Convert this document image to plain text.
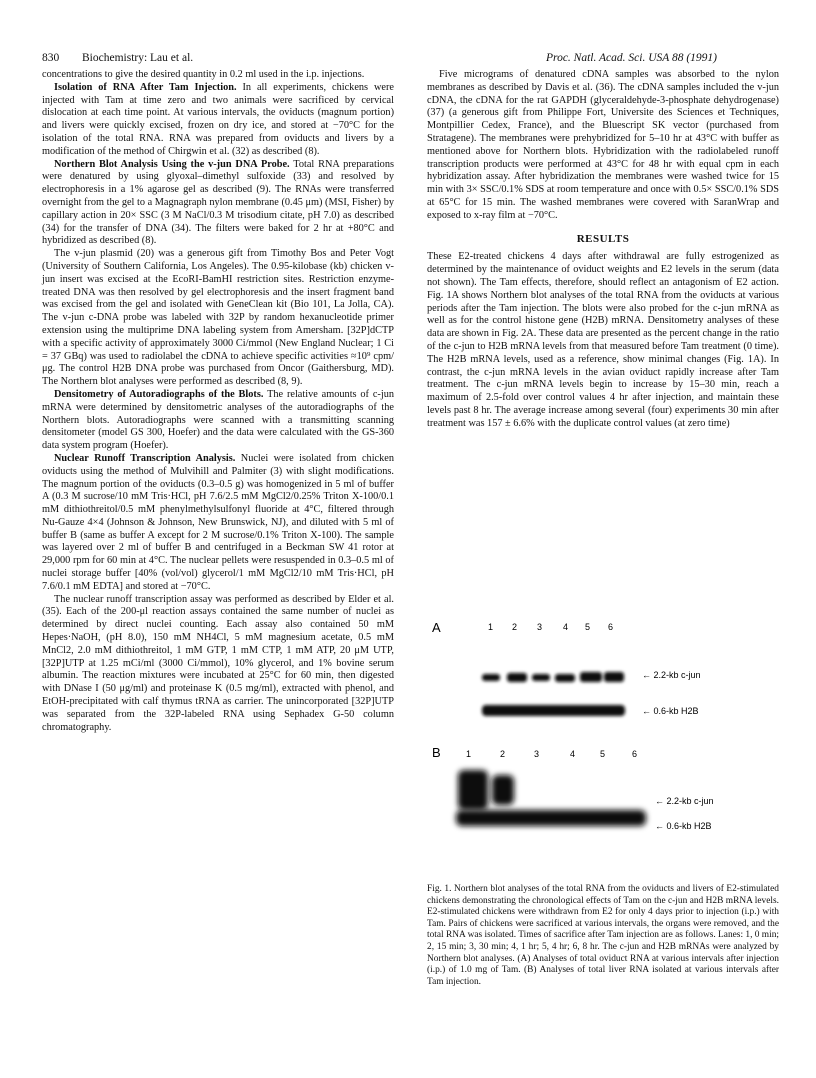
830 Biochemistry: Lau et al.	Proc. Natl. Acad. Sci. USA 88 (1991)

concentrations to give the desired quantity in 0.2 ml used in the i.p. injections.

Isolation of RNA After Tam Injection. In all experiments, chickens were injected with Tam at time zero and two animals were sacrificed by cervical dislocation at each time point. At various intervals, the oviducts (magnum portion) and livers were quickly excised, frozen on dry ice, and stored at −70°C for the isolation of the total RNA. RNA was prepared from oviducts and livers by a modification of the method of Chirgwin et al. (32) as described (8).

Northern Blot Analysis Using the v-jun DNA Probe. Total RNA preparations were denatured by using glyoxal–dimethyl sulfoxide (33) and resolved by electrophoresis in a 1% agarose gel as described (9). The RNAs were transferred overnight from the gel to a Magnagraph nylon membrane (0.45 μm) (MSI, Fisher) by capillary action in 20× SSC (3 M NaCl/0.3 M trisodium citate, pH 7.0) as described (34) for the transfer of DNA (34). The filters were baked for 2 hr at +80°C and hybridized as described (8).

The v-jun plasmid (20) was a generous gift from Timothy Bos and Peter Vogt (University of Southern California, Los Angeles). The 0.95-kilobase (kb) chicken v-jun insert was excised at the EcoRI-BamHI restriction sites. Restriction enzyme-treated DNA was then resolved by gel electrophoresis and the insert fragment band was excised from the gel and isolated with GeneClean kit (Bio 101, La Jolla, CA). The v-jun c-DNA probe was labeled with 32P by random hexanucleotide primer extension using the multiprime DNA labeling system from Amersham. [32P]dCTP with a specific activity of approximately 3000 Ci/mmol (New England Nuclear; 1 Ci = 37 GBq) was used to radiolabel the cDNA to achieve specific activities ≈10⁹ cpm/μg. The control H2B DNA probe was purchased from Oncor (Gaithersburg, MD). The Northern blot analyses were performed as described (8, 9).

Densitometry of Autoradiographs of the Blots. The relative amounts of c-jun mRNA were determined by densitometric analyses of the autoradiographs of the Northern blots. Autoradiographs were scanned with a transmitting scanning densitometer (model GS 300, Hoefer) and the data were calculated with the GS-360 data system program (Hoefer).

Nuclear Runoff Transcription Analysis. Nuclei were isolated from chicken oviducts using the method of Mulvihill and Palmiter (3) with slight modifications. The magnum portion of the oviducts (0.3–0.5 g) was homogenized in 5 ml of buffer A (0.3 M sucrose/10 mM Tris·HCl, pH 7.6/2.5 mM MgCl2/0.25% Triton X-100/0.1 mM dithiothreitol/0.5 mM phenylmethylsulfonyl fluoride at 4°C, filtered through Nu-Gauze 4×4 (Johnson & Johnson, New Brunswick, NJ), and diluted with 5 ml of buffer B (same as buffer A except for 2 M sucrose/0.1% Triton X-100). The sample was layered over 2 ml of buffer B and centrifuged in a Beckman SW 41 rotor at 29,000 rpm for 60 min at 4°C. The nuclear pellets were resuspended in 0.3–0.5 ml of nuclei storage buffer [40% (vol/vol) glycerol/1 mM MgCl2/10 mM Tris·HCl, pH 7.6/0.1 mM EDTA] and stored at −70°C.

The nuclear runoff transcription assay was performed as described by Elder et al. (35). Each of the 200-μl reaction assays contained the same number of nuclei as determined by direct nuclei counting. Each assay also contained 50 mM Hepes·NaOH, (pH 8.0), 150 mM NH4Cl, 5 mM magnesium acetate, 0.5 mM MnCl2, 2.0 mM dithiothreitol, 1 mM GTP, 1 mM CTP, 1 mM ATP, 20 μM UTP, [32P]UTP at 1.25 mCi/ml (3000 Ci/mmol), 10% glycerol, and 1% bovine serum albumin. The reaction mixtures were incubated at 25°C for 60 min, then digested with DNase I (50 μg/ml) and proteinase K (0.5 mg/ml), extracted with phenol, and EtOH-precipitated with calf thymus tRNA as carrier. The unincorporated [32P]UTP was separated from the 32P-labeled RNA using Sephadex G-50 column chromatography.

Five micrograms of denatured cDNA samples was absorbed to the nylon membranes as described by Davis et al. (36). The cDNA samples included the v-jun cDNA, the cDNA for the rat GAPDH (glyceraldehyde-3-phosphate dehydrogenase) (37) (a generous gift from Philippe Fort, Universite des Sciences et Techniques, Montpillier Cedex, France), and the Bluescript SK vector (purchased from Stratagene). The membranes were prehybridized for 5–10 hr at 43°C with buffer as mentioned above for Northern blots. Hybridization with the radiolabeled runoff transcription products were performed at 43°C for 48 hr with equal cpm in each hybridization assay. After hybridization the membranes were washed twice for 15 min with 3× SSC/0.1% SDS at room temperature and once with 0.5× SSC/0.1% SDS at 65°C for 15 min. The washed membranes were covered with SaranWrap and exposed to x-ray film at −70°C.

RESULTS

These E2-treated chickens 4 days after withdrawal are fully estrogenized as determined by the maintenance of oviduct weights and E2 levels in the serum (data not shown). The Tam effects, therefore, should reflect an antagonism of E2 action. Fig. 1A shows Northern blot analyses of the total RNA from the oviducts at various periods after the Tam injection. The blots were also probed for the c-jun mRNA as well as for the control histone gene (H2B) mRNA. Densitometry analyses of these data are shown in Fig. 2A. These data are presented as the percent change in the ratio of the c-jun to H2B mRNA levels from that measured before Tam treatment (0 time). The H2B mRNA levels, used as a reference, show minimal changes (Fig. 1A). In contrast, the c-jun mRNA levels in the avian oviduct rapidly increase after Tam treatment. The c-jun mRNA levels begin to increase by 15–30 min, reach a maximum of 2.5-fold over control values 4 hr after injection, and maintain these levels past 8 hr. The average increase among several (four) experiments 30 min after treatment was 157 ± 6.6% with the duplicate control values (at zero time)

A	1 2 3 4 5 6
← 2.2-kb c-jun
← 0.6-kb H2B
B	1	2	3	4	5	6
← 2.2-kb c-jun
← 0.6-kb H2B

Fig. 1. Northern blot analyses of the total RNA from the oviducts and livers of E2-stimulated chickens demonstrating the chronological effects of Tam on the c-jun and H2B mRNA levels. E2-stimulated chickens were withdrawn from E2 for only 4 days prior to injection (i.p.) with Tam. Pairs of chickens were sacrificed at various intervals, the organs were removed, and the total RNA was isolated. Times of sacrifice after Tam injection are as follows. Lanes: 1, 0 min; 2, 15 min; 3, 30 min; 4, 1 hr; 5, 4 hr; 6, 8 hr. The c-jun and H2B mRNAs were analyzed by Northern blot analyses. (A) Analyses of total oviduct RNA at various intervals after injection (i.p.) of 1.0 mg of Tam. (B) Analyses of total liver RNA isolated at various intervals after Tam injection.
